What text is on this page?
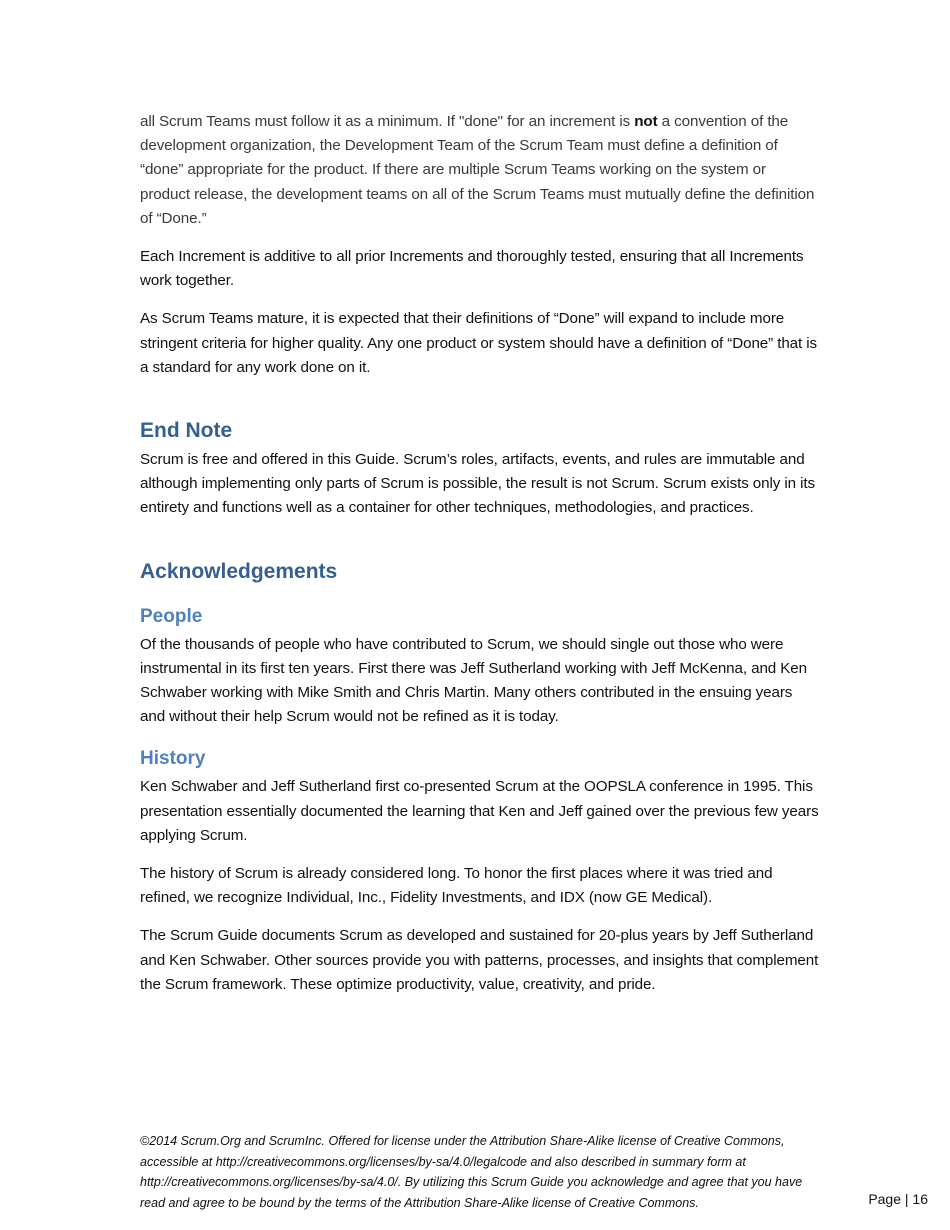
all Scrum Teams must follow it as a minimum. If "done" for an increment is not a convention of the development organization, the Development Team of the Scrum Team must define a definition of “done” appropriate for the product. If there are multiple Scrum Teams working on the system or product release, the development teams on all of the Scrum Teams must mutually define the definition of “Done.”

Each Increment is additive to all prior Increments and thoroughly tested, ensuring that all Increments work together.

As Scrum Teams mature, it is expected that their definitions of “Done” will expand to include more stringent criteria for higher quality. Any one product or system should have a definition of “Done” that is a standard for any work done on it.

End Note

Scrum is free and offered in this Guide. Scrum’s roles, artifacts, events, and rules are immutable and although implementing only parts of Scrum is possible, the result is not Scrum. Scrum exists only in its entirety and functions well as a container for other techniques, methodologies, and practices.

Acknowledgements
People

Of the thousands of people who have contributed to Scrum, we should single out those who were instrumental in its first ten years. First there was Jeff Sutherland working with Jeff McKenna, and Ken Schwaber working with Mike Smith and Chris Martin. Many others contributed in the ensuing years and without their help Scrum would not be refined as it is today.

History

Ken Schwaber and Jeff Sutherland first co-presented Scrum at the OOPSLA conference in 1995. This presentation essentially documented the learning that Ken and Jeff gained over the previous few years applying Scrum.

The history of Scrum is already considered long. To honor the first places where it was tried and refined, we recognize Individual, Inc., Fidelity Investments, and IDX (now GE Medical).

The Scrum Guide documents Scrum as developed and sustained for 20-plus years by Jeff Sutherland and Ken Schwaber. Other sources provide you with patterns, processes, and insights that complement the Scrum framework. These optimize productivity, value, creativity, and pride.

©2014 Scrum.Org and ScrumInc. Offered for license under the Attribution Share-Alike license of Creative Commons, accessible at http://creativecommons.org/licenses/by-sa/4.0/legalcode and also described in summary form at http://creativecommons.org/licenses/by-sa/4.0/. By utilizing this Scrum Guide you acknowledge and agree that you have read and agree to be bound by the terms of the Attribution Share-Alike license of Creative Commons.	Page | 16
